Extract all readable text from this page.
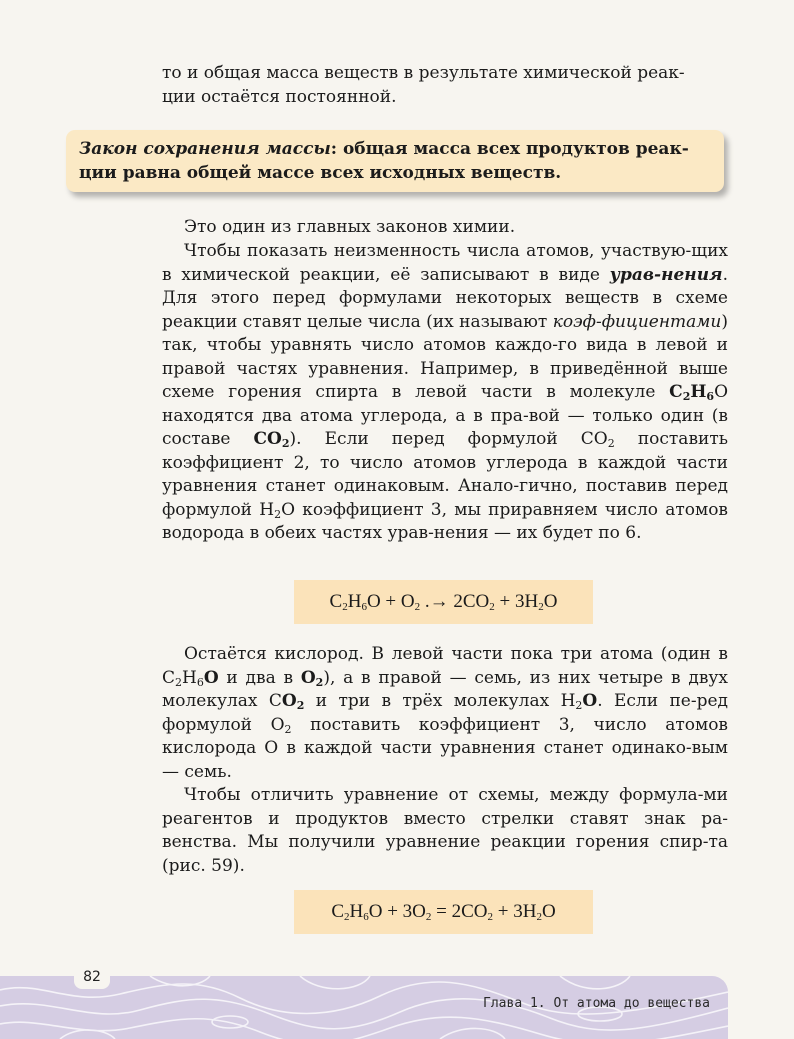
то и общая масса веществ в результате химической реак-
ции остаётся постоянной.
Закон сохранения массы: общая масса всех продуктов реак-ции равна общей массе всех исходных веществ.
Это один из главных законов химии.
Чтобы показать неизменность числа атомов, участвую-щих в химической реакции, её записывают в виде урав-нения. Для этого перед формулами некоторых веществ в схеме реакции ставят целые числа (их называют коэф-фициентами) так, чтобы уравнять число атомов каждо-го вида в левой и правой частях уравнения. Например, в приведённой выше схеме горения спирта в левой части в молекуле $C_2H_6O$ находятся два атома углерода, а в пра-вой — только один (в составе $CO_2$). Если перед формулой $CO_2$ поставить коэффициент 2, то число атомов углерода в каждой части уравнения станет одинаковым. Анало-гично, поставив перед формулой $H_2O$ коэффициент 3, мы приравняем число атомов водорода в обеих частях урав-нения — их будет по 6.
$C_2H_6O + O_2$ .→ $2CO_2 + 3H_2O$
Остаётся кислород. В левой части пока три атома (один в $C_2H_6O$ и два в $O_2$), а в правой — семь, из них четыре в двух молекулах $CO_2$ и три в трёх молекулах $H_2O$. Если пе-ред формулой $O_2$ поставить коэффициент 3, число атомов кислорода O в каждой части уравнения станет одинако-вым — семь.
Чтобы отличить уравнение от схемы, между формула-ми реагентов и продуктов вместо стрелки ставят знак ра-венства. Мы получили уравнение реакции горения спир-та (рис. 59).
$C_2H_6O + 3O_2 = 2CO_2 + 3H_2O$
Глава 1. От атома до вещества
82
